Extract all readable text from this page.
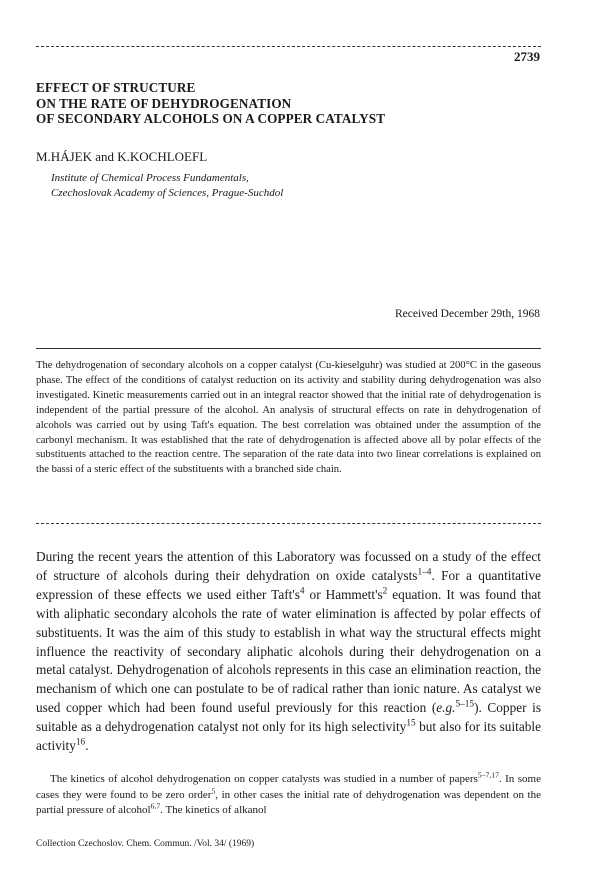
2739
EFFECT OF STRUCTURE
ON THE RATE OF DEHYDROGENATION
OF SECONDARY ALCOHOLS ON A COPPER CATALYST
M.HÁJEK and K.KOCHLOEFL
Institute of Chemical Process Fundamentals,
Czechoslovak Academy of Sciences, Prague-Suchdol
Received December 29th, 1968
The dehydrogenation of secondary alcohols on a copper catalyst (Cu-kieselguhr) was studied at 200°C in the gaseous phase. The effect of the conditions of catalyst reduction on its activity and stability during dehydrogenation was also investigated. Kinetic measurements carried out in an integral reactor showed that the initial rate of dehydrogenation is independent of the partial pressure of the alcohol. An analysis of structural effects on rate in dehydrogenation of alcohols was carried out by using Taft's equation. The best correlation was obtained under the assumption of the carbonyl mechanism. It was established that the rate of dehydrogenation is affected above all by polar effects of the substituents attached to the reaction centre. The separation of the rate data into two linear correlations is explained on the bassi of a steric effect of the substituents with a branched side chain.
During the recent years the attention of this Laboratory was focussed on a study of the effect of structure of alcohols during their dehydration on oxide catalysts$^{1-4}$. For a quantitative expression of these effects we used either $Taft's^4$ or $Hammett's^2$ equation. It was found that with aliphatic secondary alcohols the rate of water elimination is affected by polar effects of substituents. It was the aim of this study to establish in what way the structural effects might influence the reactivity of secondary aliphatic alcohols during their dehydrogenation on a metal catalyst. Dehydrogenation of alcohols represents in this case an elimination reaction, the mechanism of which one can postulate to be of radical rather than ionic nature. As catalyst we used copper which had been found useful previously for this reaction (e.g.$^{5-15}$). Copper is suitable as a dehydrogenation catalyst not only for its high selectivity$^{15}$ but also for its suitable activity$^{16}$.
The kinetics of alcohol dehydrogenation on copper catalysts was studied in a number of papers$^{5-7,17}$. In some cases they were found to be zero order$^5$, in other cases the initial rate of dehydrogenation was dependent on the partial pressure of alcohol$^{6,7}$. The kinetics of alkanol
Collection Czechoslov. Chem. Commun. /Vol. 34/ (1969)
